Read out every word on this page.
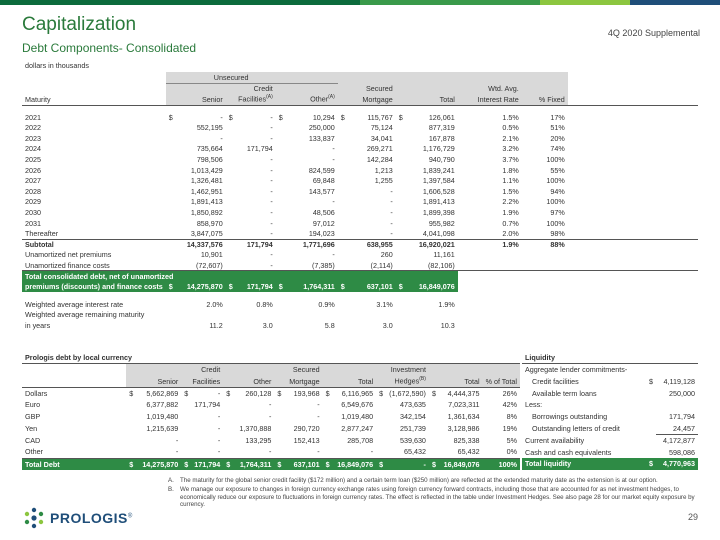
Capitalization
Debt Components- Consolidated
4Q 2020 Supplemental
dollars in thousands													
	Unsecured												
			Credit				Secured				Wtd. Avg.		
Maturity	Senior		Facilities$^{(A)}$		Other$^{(A)}$		Mortgage		Total		Interest Rate	% Fixed	

2021	$	-	$	-	$	10,294	$	115,767	$	126,061	1.5%	17%	
2022		552,195		-		250,000		75,124		877,319	0.5%	51%	
2023		-		-		133,837		34,041		167,878	2.1%	20%	
2024		735,664		171,794		-		269,271		1,176,729	3.2%	74%	
2025		798,506		-		-		142,284		940,790	3.7%	100%	
2026		1,013,429		-		824,599		1,213		1,839,241	1.8%	55%	
2027		1,326,481		-		69,848		1,255		1,397,584	1.1%	100%	
2028		1,462,951		-		143,577		-		1,606,528	1.5%	94%	
2029		1,891,413		-		-		-		1,891,413	2.2%	100%	
2030		1,850,892		-		48,506		-		1,899,398	1.9%	97%	
2031		858,970		-		97,012		-		955,982	0.7%	100%	
Thereafter		3,847,075		-		194,023		-		4,041,098	2.0%	98%	
Subtotal		14,337,576		171,794		1,771,696		638,955		16,920,021	1.9%	88%	
Unamortized net premiums		10,901		-		-		260		11,161			
Unamortized finance costs		(72,607)		-		(7,385)		(2,114)		(82,106)			
Total consolidated debt, net of unamortized													
premiums (discounts) and finance costs	$	14,275,870	$	171,794	$	1,764,311	$	637,101	$	16,849,076			

Weighted average interest rate		2.0%		0.8%		0.9%		3.1%		1.9%			
Weighted average remaining maturity													
in years		11.2		3.0		5.8		3.0		10.3			
Prologis debt by local currency															
			Credit				Secured				Investment				
	Senior		Facilities		Other		Mortgage		Total		Hedges$^{(B)}$		Total		% of Total
Dollars	$	5,662,869	$	-	$	260,128	$	193,968	$	6,116,965	$	(1,672,590)	$	4,444,375	26%
Euro		6,377,882		171,794		-		-		6,549,676		473,635		7,023,311	42%
GBP		1,019,480		-		-		-		1,019,480		342,154		1,361,634	8%
Yen		1,215,639		-		1,370,888		290,720		2,877,247		251,739		3,128,986	19%
CAD		-		-		133,295		152,413		285,708		539,630		825,338	5%
Other		-		-		-		-		-		65,432		65,432	0%
Total Debt	$	14,275,870	$	171,794	$	1,764,311	$	637,101	$	16,849,076	$	-	$	16,849,076	100%
Liquidity		
Aggregate lender commitments-		
Credit facilities	$	4,119,128
Available term loans		250,000
Less:		
Borrowings outstanding		171,794
Outstanding letters of credit		24,457
Current availability		4,172,877
Cash and cash equivalents		598,086
Total liquidity	$	4,770,963
A. The maturity for the global senior credit facility ($172 million) and a certain term loan ($250 million) are reflected at the extended maturity date as the extension is at our option.
B. We manage our exposure to changes in foreign currency exchange rates using foreign currency forward contracts, including those that are accounted for as net investment hedges, to economically reduce our exposure to fluctuations in foreign currency rates. The effect is reflected in the table under Investment Hedges. See also page 28 for our market equity exposure by currency.
PROLOGIS®	29
